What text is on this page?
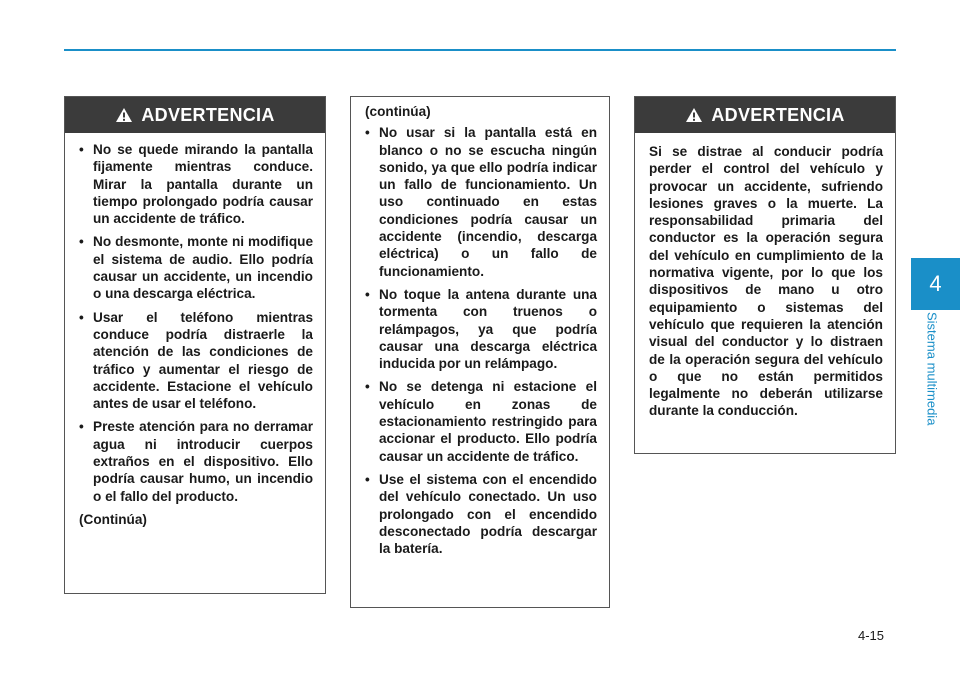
4
Sistema multimedia
ADVERTENCIA
• No se quede mirando la pantalla fijamente mientras conduce. Mirar la pantalla durante un tiempo prolongado podría causar un accidente de tráfico.
• No desmonte, monte ni modifique el sistema de audio. Ello podría causar un accidente, un incendio o una descarga eléctrica.
• Usar el teléfono mientras conduce podría distraerle la atención de las condiciones de tráfico y aumentar el riesgo de accidente. Estacione el vehículo antes de usar el teléfono.
• Preste atención para no derramar agua ni introducir cuerpos extraños en el dispositivo. Ello podría causar humo, un incendio o el fallo del producto.

(Continúa)

(continúa)

• No usar si la pantalla está en blanco o no se escucha ningún sonido, ya que ello podría indicar un fallo de funcionamiento. Un uso continuado en estas condiciones podría causar un accidente (incendio, descarga eléctrica) o un fallo de funcionamiento.
• No toque la antena durante una tormenta con truenos o relámpagos, ya que podría causar una descarga eléctrica inducida por un relámpago.
• No se detenga ni estacione el vehículo en zonas de estacionamiento restringido para accionar el producto. Ello podría causar un accidente de tráfico.
• Use el sistema con el encendido del vehículo conectado. Un uso prolongado con el encendido desconectado podría descargar la batería.
ADVERTENCIA

Si se distrae al conducir podría perder el control del vehículo y provocar un accidente, sufriendo lesiones graves o la muerte. La responsabilidad primaria del conductor es la operación segura del vehículo en cumplimiento de la normativa vigente, por lo que los dispositivos de mano u otro equipamiento o sistemas del vehículo que requieren la atención visual del conductor y lo distraen de la operación segura del vehículo o que no están permitidos legalmente no deberán utilizarse durante la conducción.

4-15
